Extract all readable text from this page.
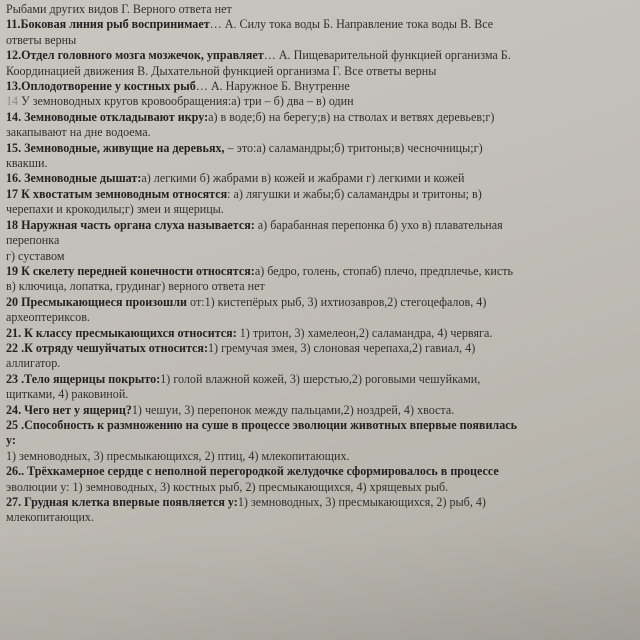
Рыбами других видов Г. Верного ответа нет
11.Боковая линия рыб воспринимает… А. Силу тока воды Б. Направление тока воды В. Все
ответы верны
12.Отдел головного мозга мозжечок, управляет… А. Пищеварительной функцией организма Б.
Координацией движения В. Дыхательной функцией организма Г. Все ответы верны
13.Оплодотворение у костных рыб… А. Наружное Б. Внутренне
14 У земноводных кругов кровообращения:а) три – б) два – в) один
14. Земноводные откладывают икру:а) в воде;б) на берегу;в) на стволах и ветвях деревьев;г)
закапывают на дне водоема.
15. Земноводные, живущие на деревьях, – это:а) саламандры;б) тритоны;в) чесночницы;г)
квакши.
16. Земноводные дышат:а) легкими б) жабрами в) кожей и жабрами г) легкими и кожей
17 К хвостатым земноводным относятся: а) лягушки и жабы;б) саламандры и тритоны; в)
черепахи и крокодилы;г) змеи и ящерицы.
18 Наружная часть органа слуха называется: а) барабанная перепонка б) ухо в) плавательная
перепонка
г) суставом
19 К скелету передней конечности относятся:а) бедро, голень, стопаб) плечо, предплечье, кисть
в) ключица, лопатка, грудинаг) верного ответа нет
20 Пресмыкающиеся произошли от:1) кистепёрых рыб, 3) ихтиозавров,2) стегоцефалов, 4)
археоптериксов.
21. К классу пресмыкающихся относится: 1) тритон, 3) хамелеон,2) саламандра, 4) червяга.
22 .К отряду чешуйчатых относится:1) гремучая змея, 3) слоновая черепаха,2) гавиал, 4)
аллигатор.
23 .Тело ящерицы покрыто:1) голой влажной кожей, 3) шерстью,2) роговыми чешуйками,
щитками, 4) раковиной.
24. Чего нет у ящериц?1) чешуи, 3) перепонок между пальцами,2) ноздрей, 4) хвоста.
25 .Способность к размножению на суше в процессе эволюции животных впервые появилась
у:
1) земноводных, 3) пресмыкающихся, 2) птиц, 4) млекопитающих.
26.. Трёхкамерное сердце с неполной перегородкой желудочке сформировалось в процессе
эволюции у: 1) земноводных, 3) костных рыб, 2) пресмыкающихся, 4) хрящевых рыб.
27. Грудная клетка впервые появляется у:1) земноводных, 3) пресмыкающихся, 2) рыб, 4)
млекопитающих.
